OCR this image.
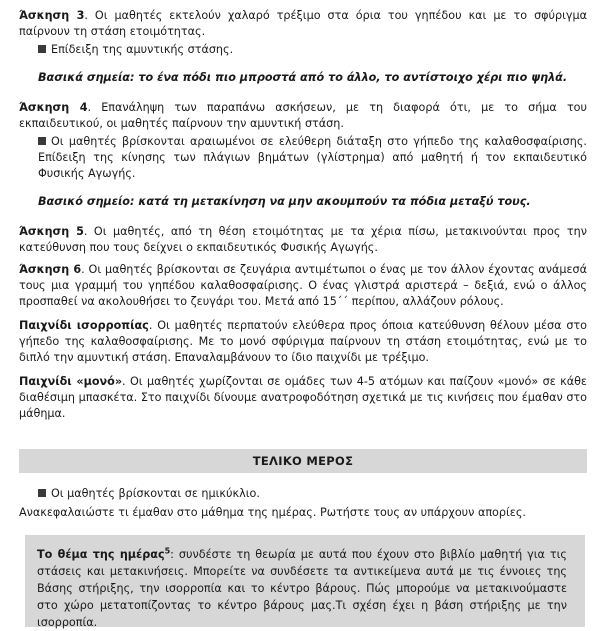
Άσκηση 3. Οι μαθητές εκτελούν χαλαρό τρέξιμο στα όρια του γηπέδου και με το σφύριγμα παίρνουν τη στάση ετοιμότητας.
Επίδειξη της αμυντικής στάσης.
Βασικά σημεία: το ένα πόδι πιο μπροστά από το άλλο, το αντίστοιχο χέρι πιο ψηλά.
Άσκηση 4. Επανάληψη των παραπάνω ασκήσεων, με τη διαφορά ότι, με το σήμα του εκπαιδευτικού, οι μαθητές παίρνουν την αμυντική στάση.
Οι μαθητές βρίσκονται αραιωμένοι σε ελεύθερη διάταξη στο γήπεδο της καλαθοσφαίρισης. Επίδειξη της κίνησης των πλάγιων βημάτων (γλίστρημα) από μαθητή ή τον εκπαιδευτικό Φυσικής Αγωγής.
Βασικό σημείο: κατά τη μετακίνηση να μην ακουμπούν τα πόδια μεταξύ τους.
Άσκηση 5. Οι μαθητές, από τη θέση ετοιμότητας με τα χέρια πίσω, μετακινούνται προς την κατεύθυνση που τους δείχνει ο εκπαιδευτικός Φυσικής Αγωγής.
Άσκηση 6. Οι μαθητές βρίσκονται σε ζευγάρια αντιμέτωποι ο ένας με τον άλλον έχοντας ανάμεσά τους μια γραμμή του γηπέδου καλαθοσφαίρισης. Ο ένας γλιστρά αριστερά – δεξιά, ενώ ο άλλος προσπαθεί να ακολουθήσει το ζευγάρι του. Μετά από 15΄΄ περίπου, αλλάζουν ρόλους.
Παιχνίδι ισορροπίας. Οι μαθητές περπατούν ελεύθερα προς όποια κατεύθυνση θέλουν μέσα στο γήπεδο της καλαθοσφαίρισης. Με το μονό σφύριγμα παίρνουν τη στάση ετοιμότητας, ενώ με το διπλό την αμυντική στάση. Επαναλαμβάνουν το ίδιο παιχνίδι με τρέξιμο.
Παιχνίδι «μονό». Οι μαθητές χωρίζονται σε ομάδες των 4-5 ατόμων και παίζουν «μονό» σε κάθε διαθέσιμη μπασκέτα. Στο παιχνίδι δίνουμε ανατροφοδότηση σχετικά με τις κινήσεις που έμαθαν στο μάθημα.
ΤΕΛΙΚΟ ΜΕΡΟΣ
Οι μαθητές βρίσκονται σε ημικύκλιο.
Ανακεφαλαιώστε τι έμαθαν στο μάθημα της ημέρας. Ρωτήστε τους αν υπάρχουν απορίες.
Το θέμα της ημέρας$^5$: συνδέστε τη θεωρία με αυτά που έχουν στο βιβλίο μαθητή για τις στάσεις και μετακινήσεις. Μπορείτε να συνδέσετε τα αντικείμενα αυτά με τις έννοιες της Βάσης στήριξης, την ισορροπία και το κέντρο βάρους. Πώς μπορούμε να μετακινούμαστε στο χώρο μετατοπίζοντας το κέντρο βάρους μας.Τι σχέση έχει η βάση στήριξης με την ισορροπία.
